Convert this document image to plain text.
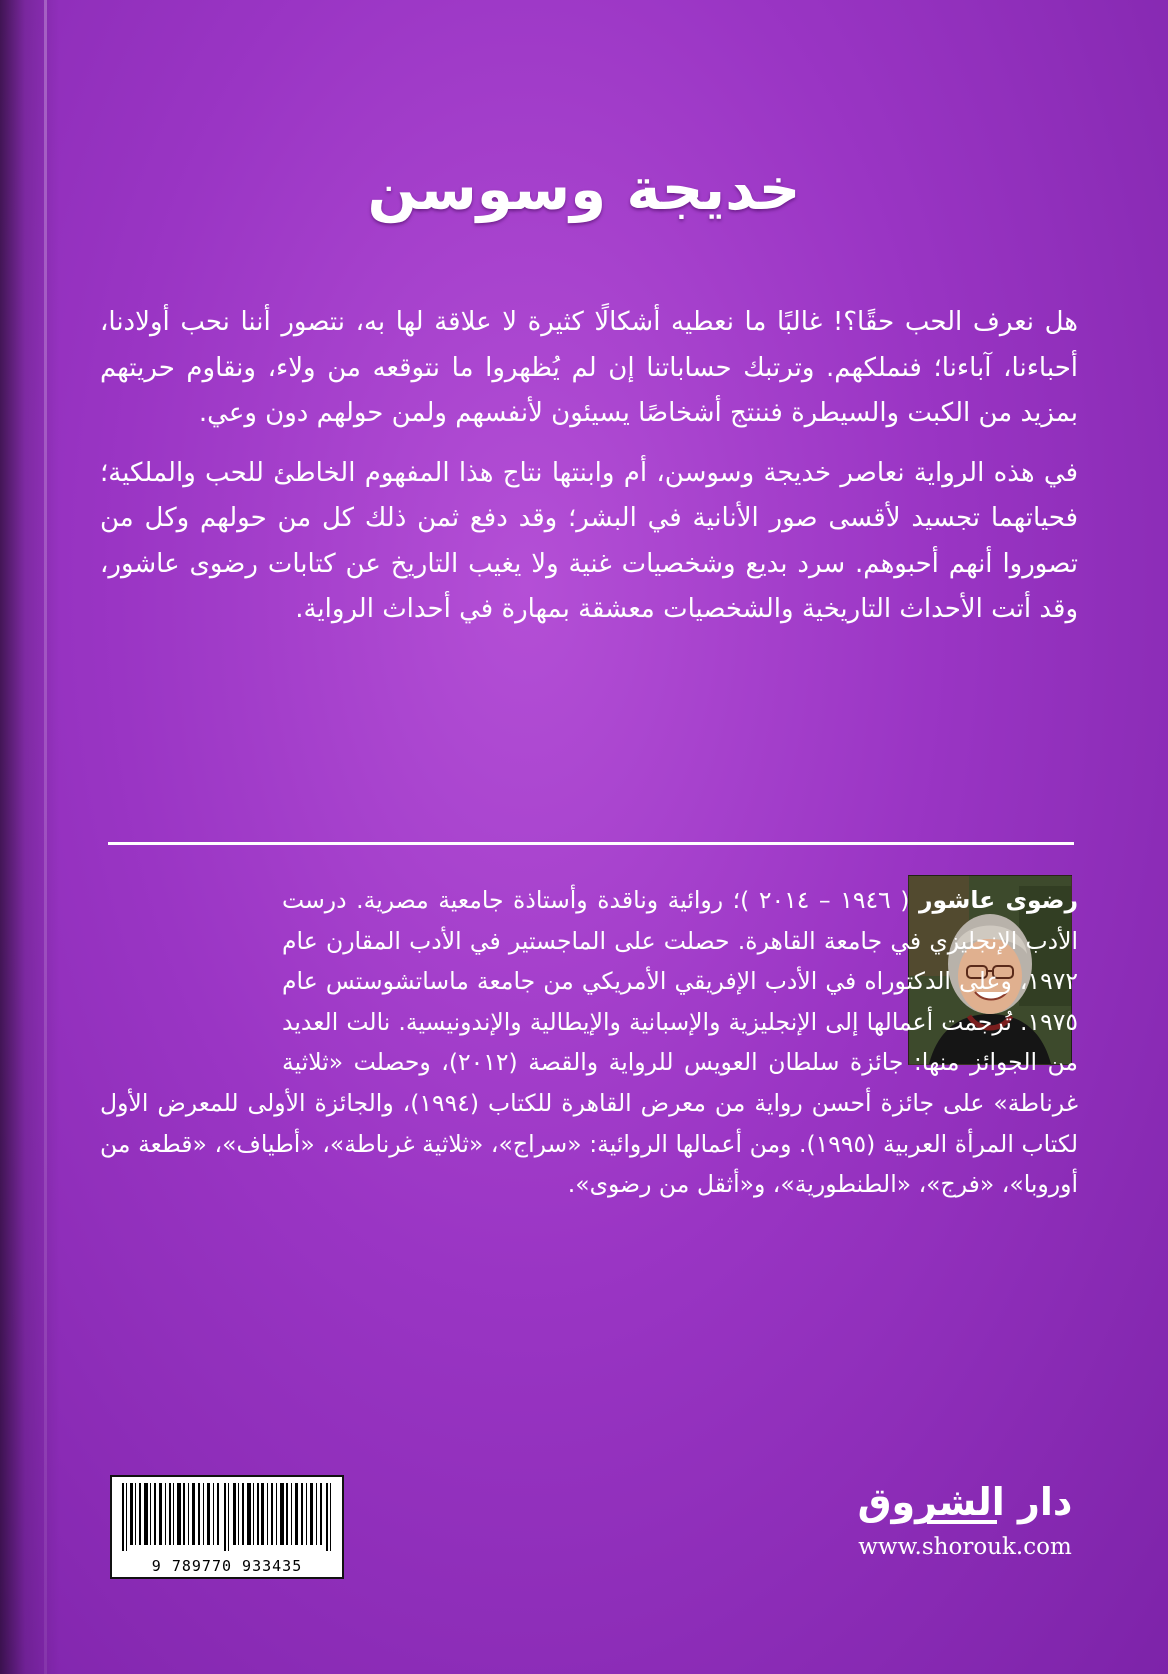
خديجة وسوسن

هل نعرف الحب حقًا؟! غالبًا ما نعطيه أشكالًا كثيرة لا علاقة لها به، نتصور أننا نحب أولادنا، أحباءنا، آباءنا؛ فنملكهم. وترتبك حساباتنا إن لم يُظهروا ما نتوقعه من ولاء، ونقاوم حريتهم بمزيد من الكبت والسيطرة فننتج أشخاصًا يسيئون لأنفسهم ولمن حولهم دون وعي.

في هذه الرواية نعاصر خديجة وسوسن، أم وابنتها نتاج هذا المفهوم الخاطئ للحب والملكية؛ فحياتهما تجسيد لأقسى صور الأنانية في البشر؛ وقد دفع ثمن ذلك كل من حولهم وكل من تصوروا أنهم أحبوهم. سرد بديع وشخصيات غنية ولا يغيب التاريخ عن كتابات رضوى عاشور، وقد أتت الأحداث التاريخية والشخصيات معشقة بمهارة في أحداث الرواية.

رضوى عاشور ( ١٩٤٦ – ٢٠١٤ )؛ روائية وناقدة وأستاذة جامعية مصرية. درست الأدب الإنجليزي في جامعة القاهرة. حصلت على الماجستير في الأدب المقارن عام ١٩٧٢، وعلى الدكتوراه في الأدب الإفريقي الأمريكي من جامعة ماساتشوستس عام ١٩٧٥. تُرجمت أعمالها إلى الإنجليزية والإسبانية والإيطالية والإندونيسية. نالت العديد من الجوائز منها: جائزة سلطان العويس للرواية والقصة (٢٠١٢)، وحصلت «ثلاثية غرناطة» على جائزة أحسن رواية من معرض القاهرة للكتاب (١٩٩٤)، والجائزة الأولى للمعرض الأول لكتاب المرأة العربية (١٩٩٥). ومن أعمالها الروائية: «سراج»، «ثلاثية غرناطة»، «أطياف»، «قطعة من أوروبا»، «فرج»، «الطنطورية»، و«أثقل من رضوى».
9 789770 933435
دار الشروق
www.shorouk.com
